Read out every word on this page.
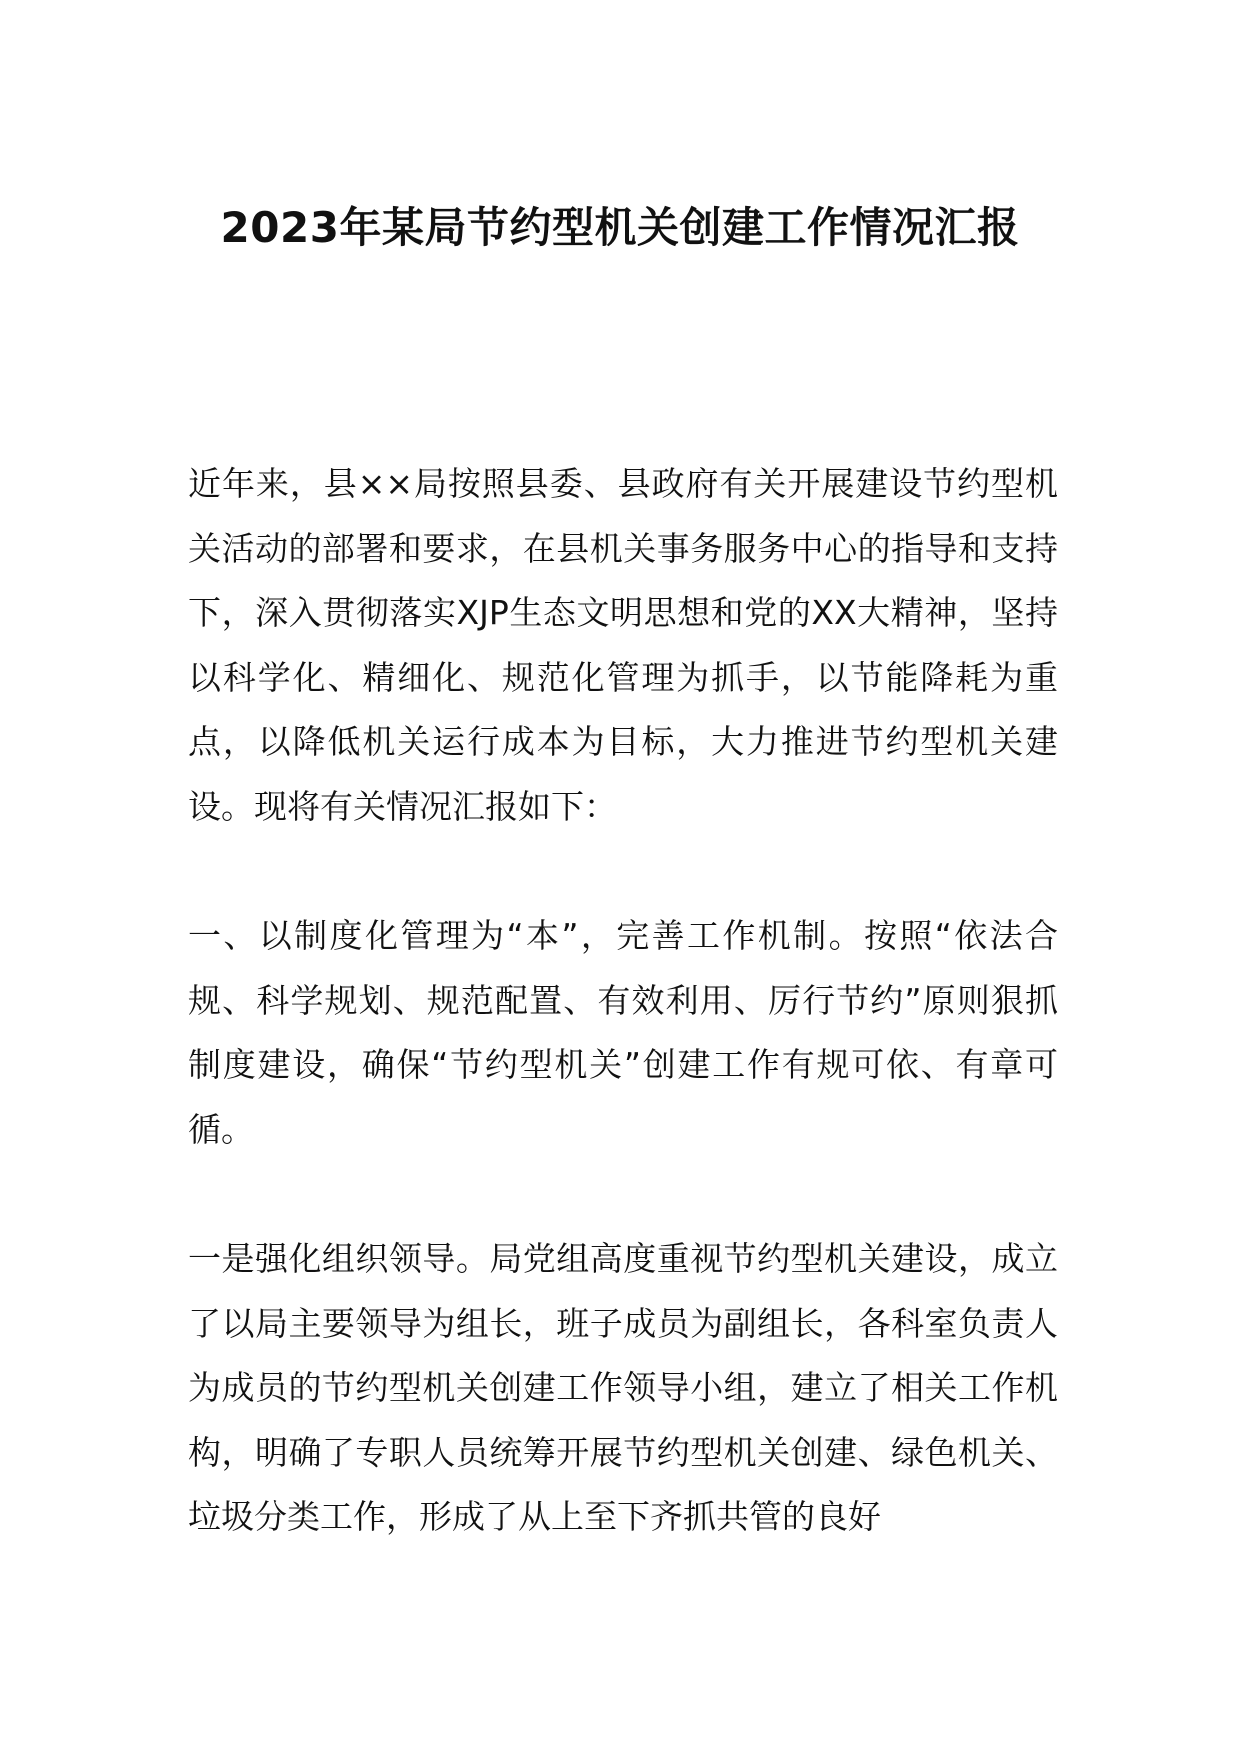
2023年某局节约型机关创建工作情况汇报

近年来，县××局按照县委、县政府有关开展建设节约型机关活动的部署和要求，在县机关事务服务中心的指导和支持下，深入贯彻落实XJP生态文明思想和党的XX大精神，坚持以科学化、精细化、规范化管理为抓手，以节能降耗为重点，以降低机关运行成本为目标，大力推进节约型机关建设。现将有关情况汇报如下：

一、以制度化管理为“本”，完善工作机制。按照“依法合规、科学规划、规范配置、有效利用、厉行节约”原则狠抓制度建设，确保“节约型机关”创建工作有规可依、有章可循。

一是强化组织领导。局党组高度重视节约型机关建设，成立了以局主要领导为组长，班子成员为副组长，各科室负责人为成员的节约型机关创建工作领导小组，建立了相关工作机构，明确了专职人员统筹开展节约型机关创建、绿色机关、垃圾分类工作，形成了从上至下齐抓共管的良好
